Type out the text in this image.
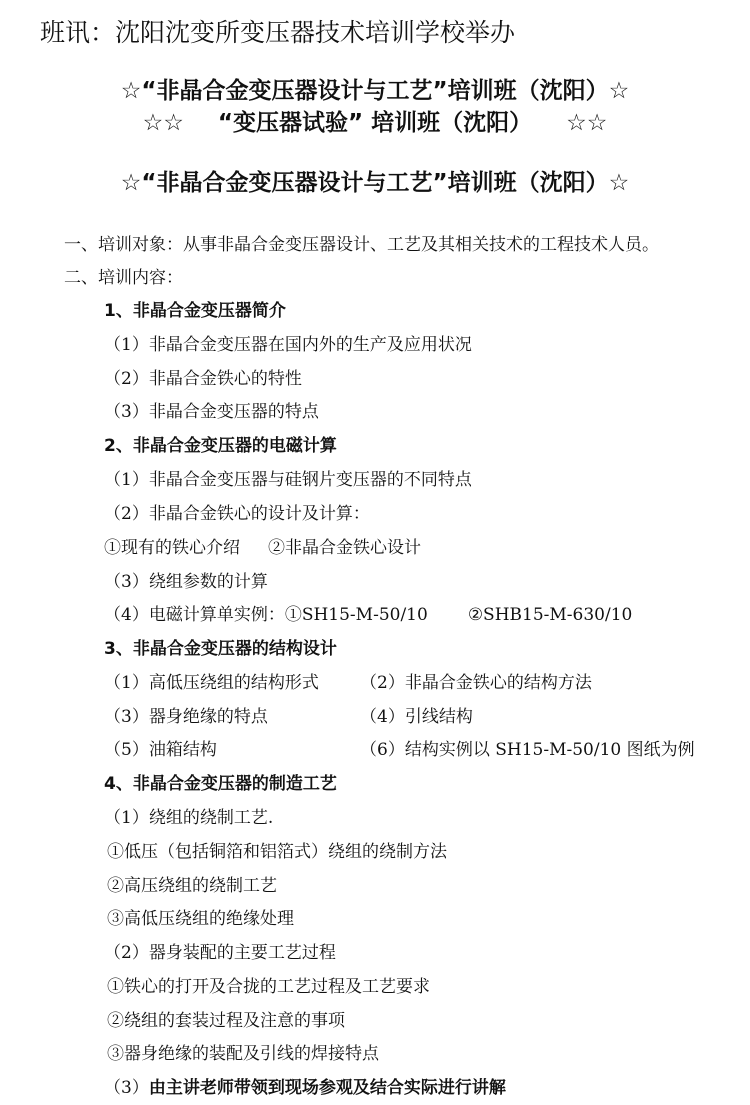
班讯：沈阳沈变所变压器技术培训学校举办
☆“非晶合金变压器设计与工艺”培训班（沈阳）☆
☆☆ “变压器试验” 培训班（沈阳） ☆☆
☆“非晶合金变压器设计与工艺”培训班（沈阳）☆
一、培训对象：从事非晶合金变压器设计、工艺及其相关技术的工程技术人员。
二、培训内容：
1、非晶合金变压器简介
（1）非晶合金变压器在国内外的生产及应用状况
（2）非晶合金铁心的特性
（3）非晶合金变压器的特点
2、非晶合金变压器的电磁计算
（1）非晶合金变压器与硅钢片变压器的不同特点
（2）非晶合金铁心的设计及计算：
①现有的铁心介绍 ②非晶合金铁心设计
（3）绕组参数的计算
（4）电磁计算单实例：①SH15-M-50/10 ②SHB15-M-630/10
3、非晶合金变压器的结构设计
（1）高低压绕组的结构形式 （2）非晶合金铁心的结构方法
（3）器身绝缘的特点	（4）引线结构
（5）油箱结构	（6）结构实例以 SH15-M-50/10 图纸为例
4、非晶合金变压器的制造工艺
（1）绕组的绕制工艺.
①低压（包括铜箔和铝箔式）绕组的绕制方法
②高压绕组的绕制工艺
③高低压绕组的绝缘处理
（2）器身装配的主要工艺过程
①铁心的打开及合拢的工艺过程及工艺要求
②绕组的套装过程及注意的事项
③器身绝缘的装配及引线的焊接特点
（3）由主讲老师带领到现场参观及结合实际进行讲解
